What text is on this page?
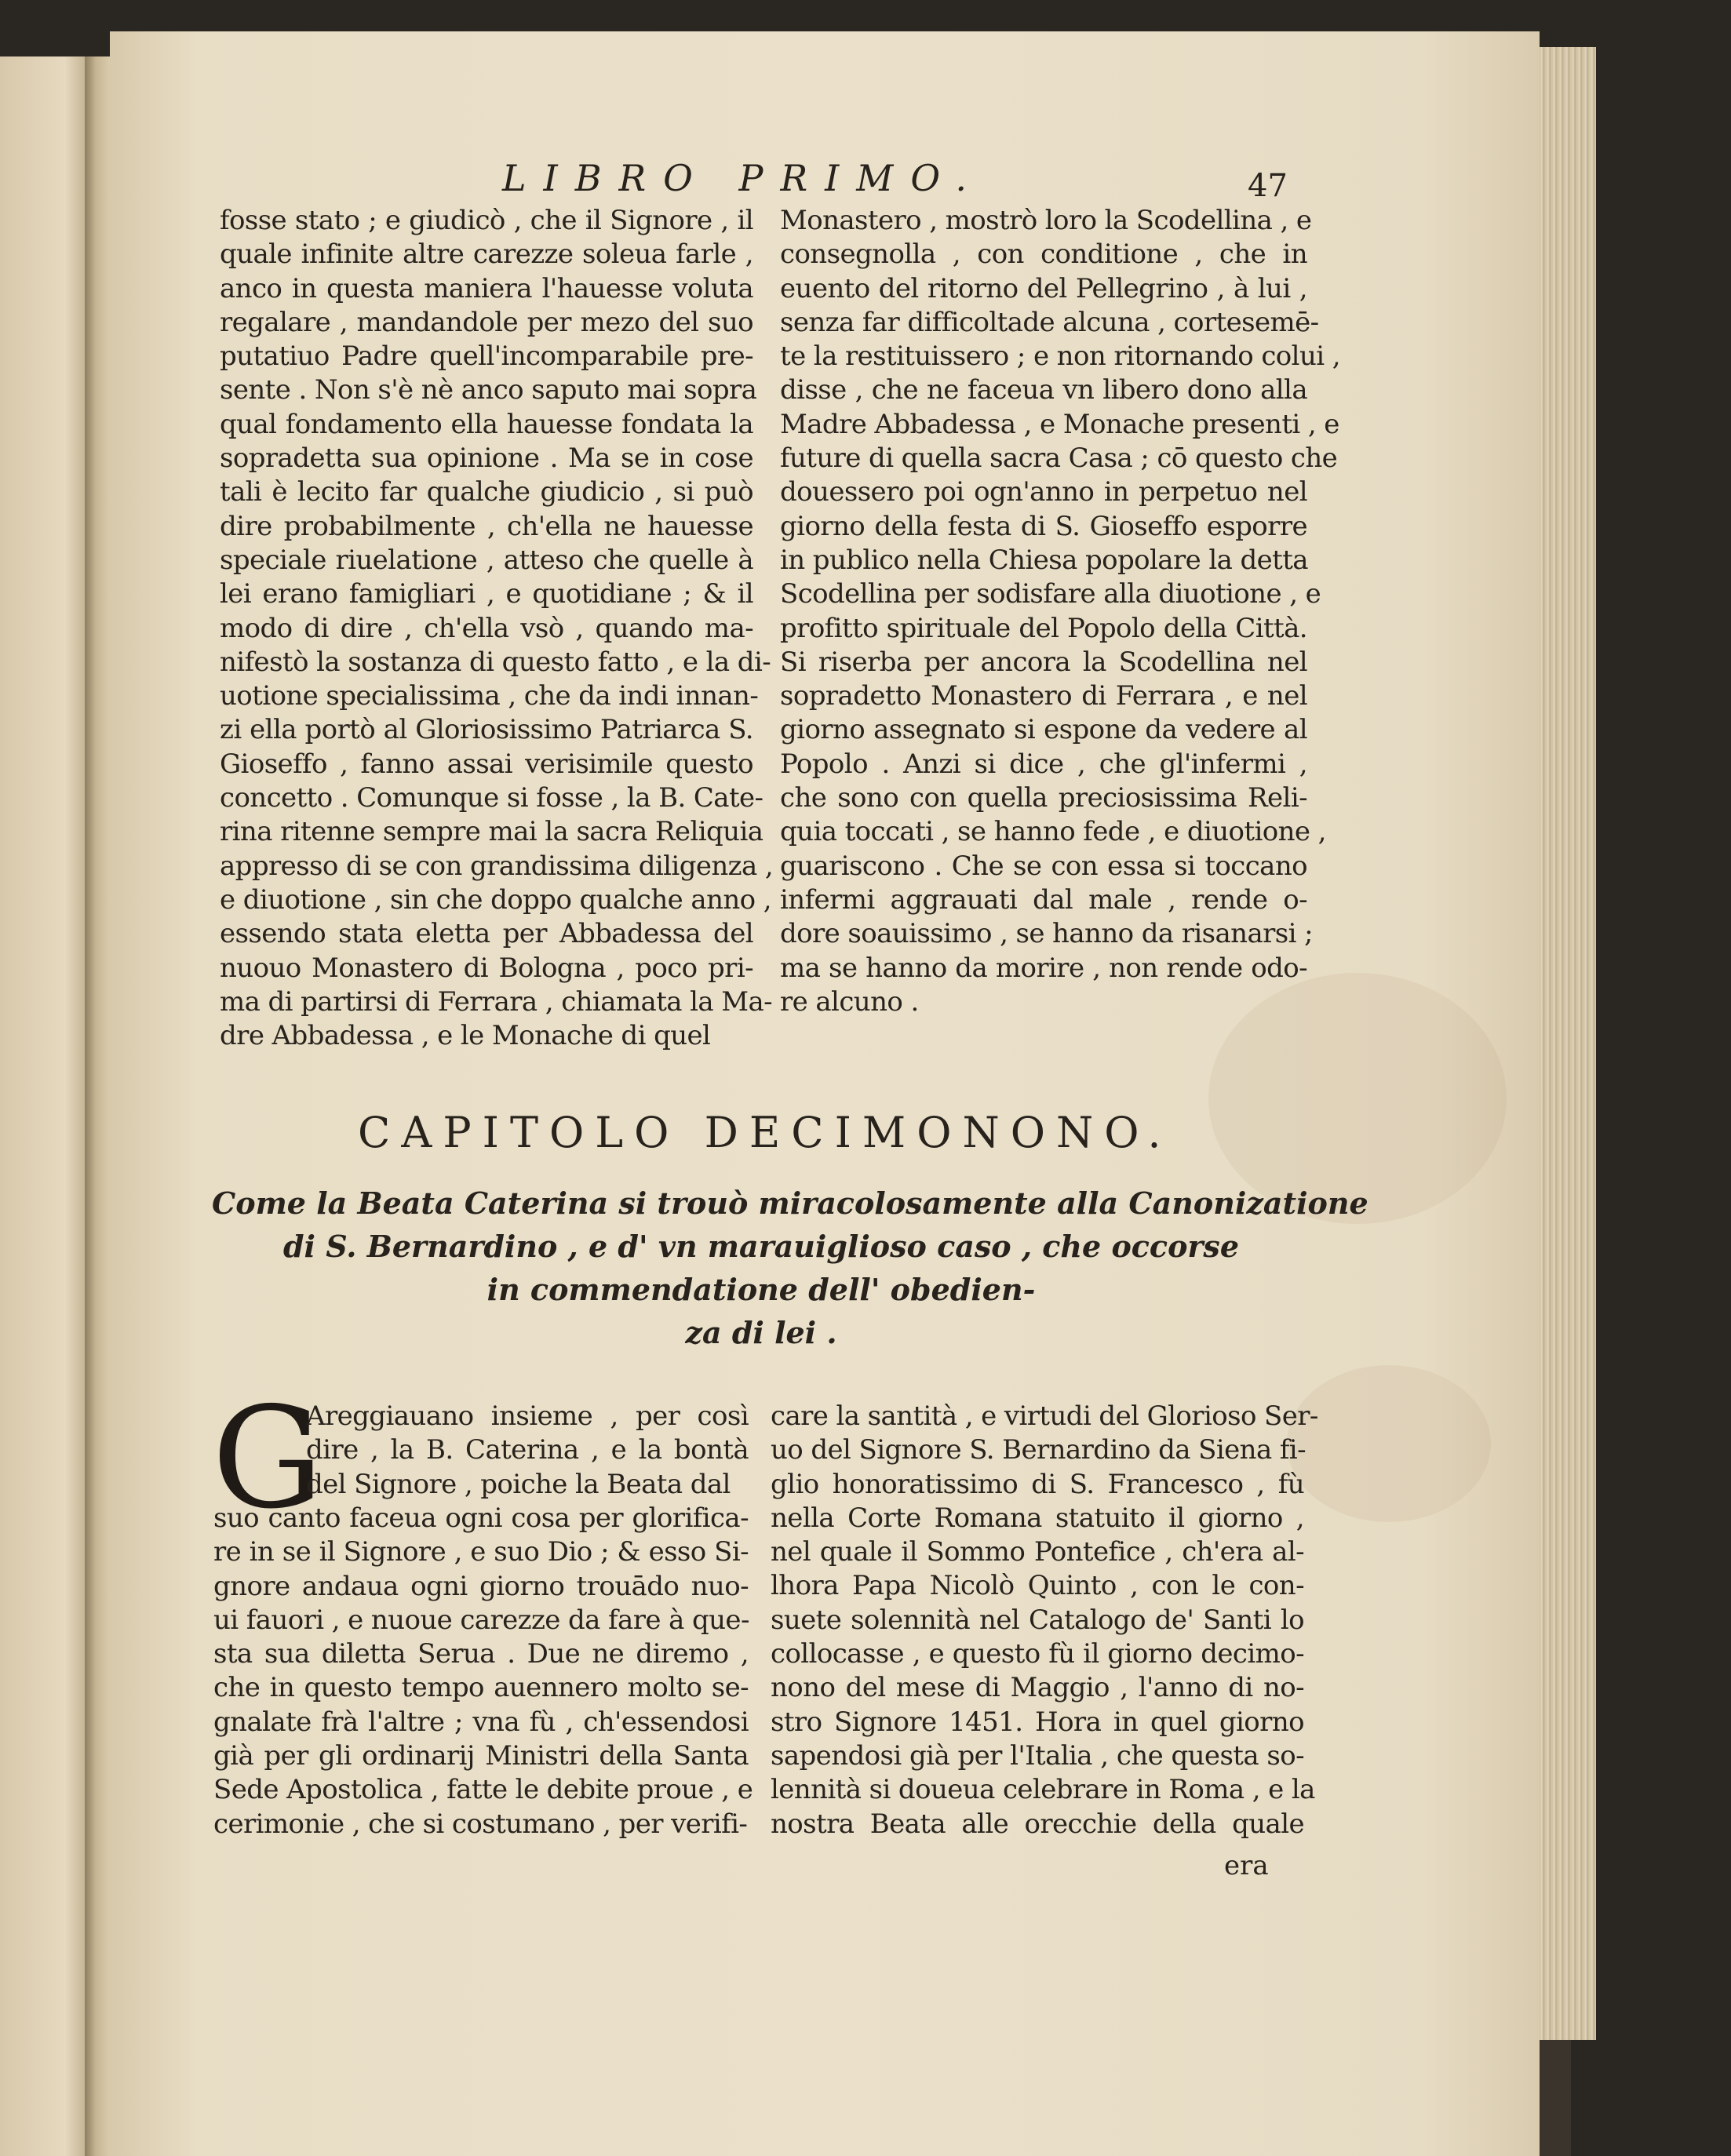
LIBRO PRIMO.	47
fosse stato ; e giudicò , che il Signore , il
quale infinite altre carezze soleua farle ,
anco in questa maniera l'hauesse voluta
regalare , mandandole per mezo del suo
putatiuo Padre quell'incomparabile pre-
sente . Non s'è nè anco saputo mai sopra
qual fondamento ella hauesse fondata la
sopradetta sua opinione . Ma se in cose
tali è lecito far qualche giudicio , si può
dire probabilmente , ch'ella ne hauesse
speciale riuelatione , atteso che quelle à
lei erano famigliari , e quotidiane ; & il
modo di dire , ch'ella vsò , quando ma-
nifestò la sostanza di questo fatto , e la di-
uotione specialissima , che da indi innan-
zi ella portò al Gloriosissimo Patriarca S.
Gioseffo , fanno assai verisimile questo
concetto . Comunque si fosse , la B. Cate-
rina ritenne sempre mai la sacra Reliquia
appresso di se con grandissima diligenza ,
e diuotione , sin che doppo qualche anno ,
essendo stata eletta per Abbadessa del
nuouo Monastero di Bologna , poco pri-
ma di partirsi di Ferrara , chiamata la Ma-
dre Abbadessa , e le Monache di quel
Monastero , mostrò loro la Scodellina , e
consegnolla , con conditione , che in
euento del ritorno del Pellegrino , à lui ,
senza far difficoltade alcuna , cortesemē-
te la restituissero ; e non ritornando colui ,
disse , che ne faceua vn libero dono alla
Madre Abbadessa , e Monache presenti , e
future di quella sacra Casa ; cō questo che
douessero poi ogn'anno in perpetuo nel
giorno della festa di S. Gioseffo esporre
in publico nella Chiesa popolare la detta
Scodellina per sodisfare alla diuotione , e
profitto spirituale del Popolo della Città.
Si riserba per ancora la Scodellina nel
sopradetto Monastero di Ferrara , e nel
giorno assegnato si espone da vedere al
Popolo . Anzi si dice , che gl'infermi ,
che sono con quella preciosissima Reli-
quia toccati , se hanno fede , e diuotione ,
guariscono . Che se con essa si toccano
infermi aggrauati dal male , rende o-
dore soauissimo , se hanno da risanarsi ;
ma se hanno da morire , non rende odo-
re alcuno .
CAPITOLO DECIMONONO.
Come la Beata Caterina si trouò miracolosamente alla Canonizatione
di S. Bernardino , e d' vn marauiglioso caso , che occorse
in commendatione dell' obedien-
za di lei .
G
Areggiauano insieme , per così
dire , la B. Caterina , e la bontà
del Signore , poiche la Beata dal
suo canto faceua ogni cosa per glorifica-
re in se il Signore , e suo Dio ; & esso Si-
gnore andaua ogni giorno trouādo nuo-
ui fauori , e nuoue carezze da fare à que-
sta sua diletta Serua . Due ne diremo ,
che in questo tempo auennero molto se-
gnalate frà l'altre ; vna fù , ch'essendosi
già per gli ordinarij Ministri della Santa
Sede Apostolica , fatte le debite proue , e
cerimonie , che si costumano , per verifi-
care la santità , e virtudi del Glorioso Ser-
uo del Signore S. Bernardino da Siena fi-
glio honoratissimo di S. Francesco , fù
nella Corte Romana statuito il giorno ,
nel quale il Sommo Pontefice , ch'era al-
lhora Papa Nicolò Quinto , con le con-
suete solennità nel Catalogo de' Santi lo
collocasse , e questo fù il giorno decimo-
nono del mese di Maggio , l'anno di no-
stro Signore 1451. Hora in quel giorno
sapendosi già per l'Italia , che questa so-
lennità si doueua celebrare in Roma , e la
nostra Beata alle orecchie della quale
era
